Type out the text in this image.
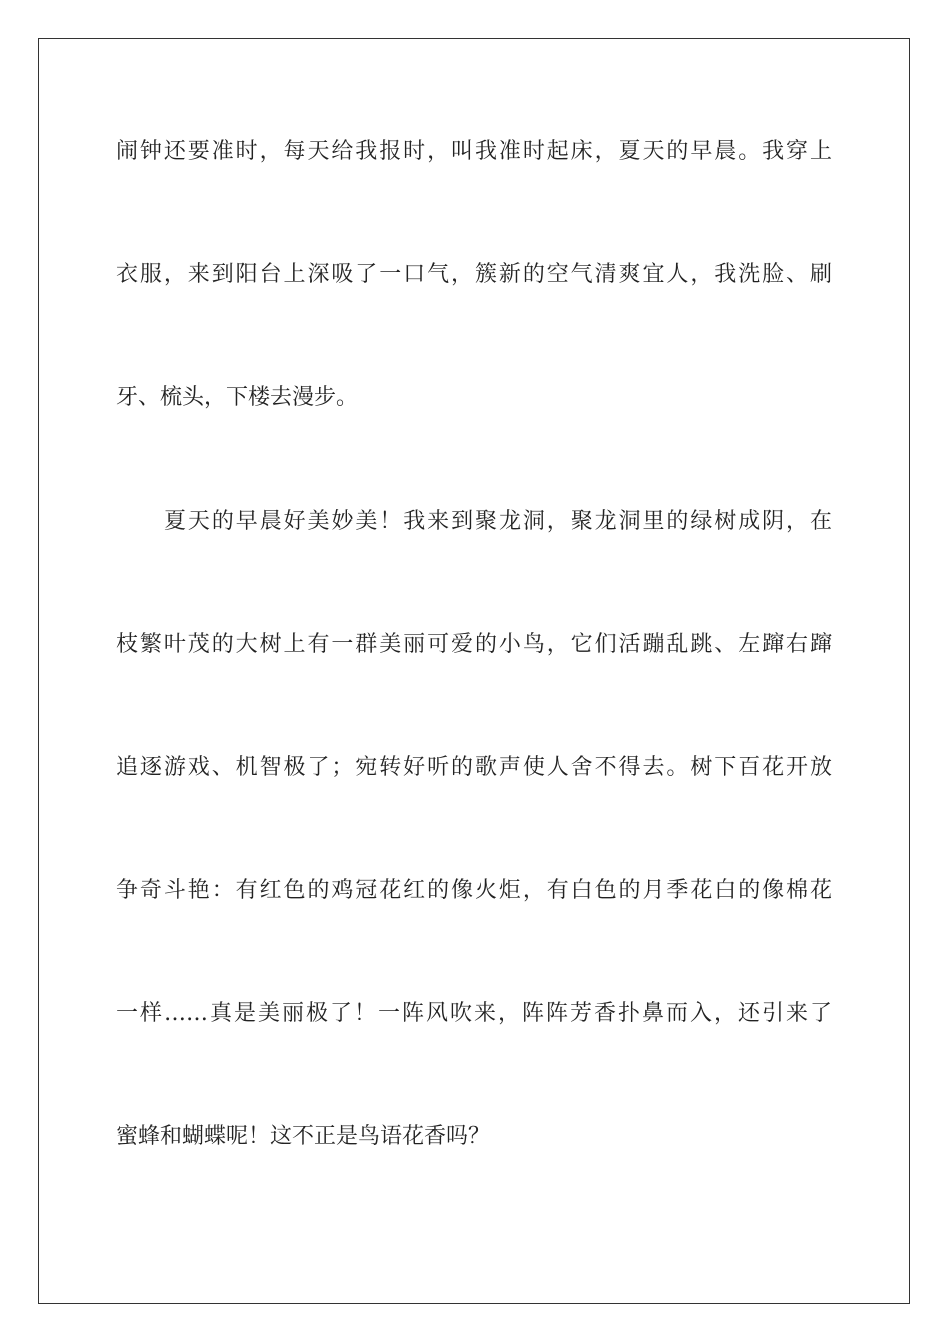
闹钟还要准时，每天给我报时，叫我准时起床，夏天的早晨。我穿上
衣服，来到阳台上深吸了一口气，簇新的空气清爽宜人，我洗脸、刷
牙、梳头，下楼去漫步。
夏天的早晨好美妙美！我来到聚龙洞，聚龙洞里的绿树成阴，在
枝繁叶茂的大树上有一群美丽可爱的小鸟，它们活蹦乱跳、左蹿右蹿
追逐游戏、机智极了；宛转好听的歌声使人舍不得去。树下百花开放
争奇斗艳：有红色的鸡冠花红的像火炬，有白色的月季花白的像棉花
一样……真是美丽极了！一阵风吹来，阵阵芳香扑鼻而入，还引来了
蜜蜂和蝴蝶呢！这不正是鸟语花香吗？
